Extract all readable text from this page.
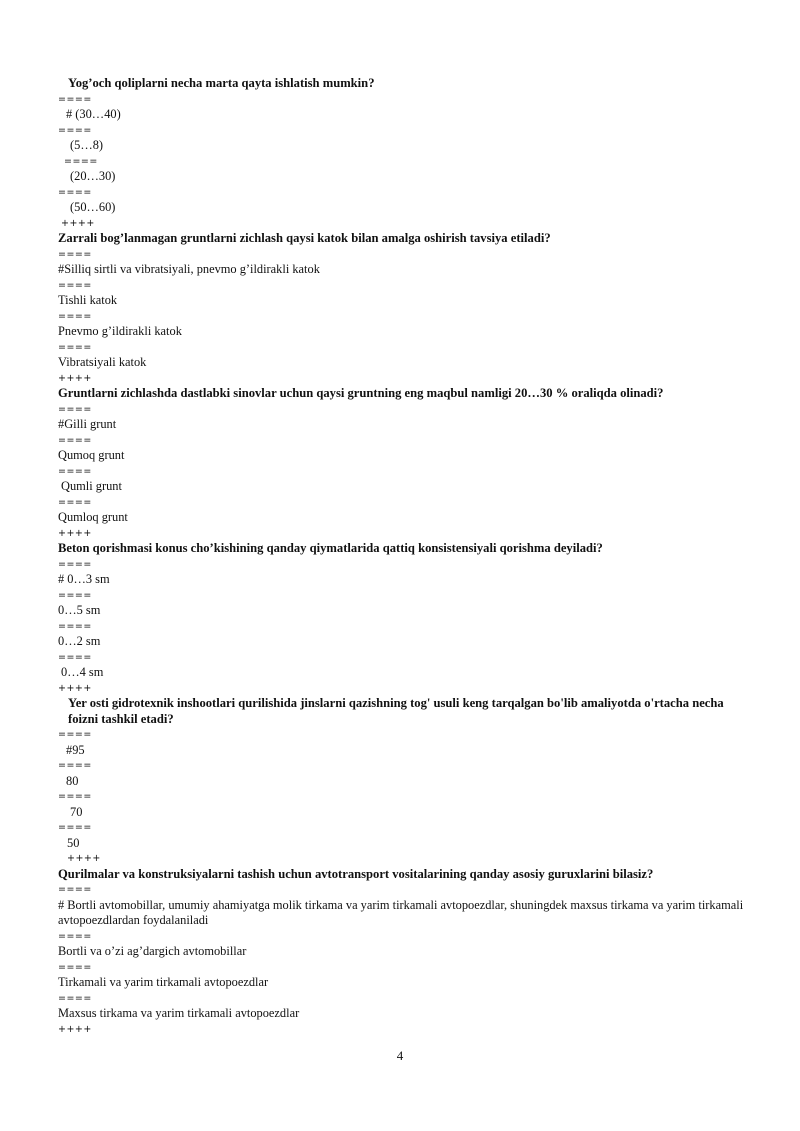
Yog’och qoliplarni necha marta qayta ishlatish mumkin?
====
# (30…40)
====
(5…8)
====
(20…30)
====
(50…60)
++++
Zarrali bog’lanmagan gruntlarni zichlash qaysi katok bilan amalga oshirish tavsiya etiladi?
====
#Silliq sirtli va vibratsiyali, pnevmo g’ildirakli katok
====
Tishli katok
====
Pnevmo g’ildirakli katok
====
Vibratsiyali katok
++++
Gruntlarni zichlashda dastlabki sinovlar uchun qaysi gruntning eng maqbul namligi 20…30 % oraliqda olinadi?
====
#Gilli grunt
====
Qumoq grunt
====
Qumli grunt
====
Qumloq grunt
++++
Beton qorishmasi konus cho’kishining qanday qiymatlarida qattiq konsistensiyali qorishma deyiladi?
====
# 0…3 sm
====
0…5 sm
====
0…2 sm
====
0…4 sm
++++
Yer osti gidrotexnik inshootlari qurilishida jinslarni qazishning tog' usuli keng tarqalgan bo'lib amaliyotda o'rtacha necha foizni tashkil etadi?
====
#95
====
80
====
70
====
50
++++
Qurilmalar va konstruksiyalarni tashish uchun avtotransport vositalarining qanday asosiy guruxlarini bilasiz?
====
# Bortli avtomobillar, umumiy ahamiyatga molik tirkama va yarim tirkamali avtopoezdlar, shuningdek maxsus tirkama va yarim tirkamali avtopoezdlardan foydalaniladi
====
Bortli va o’zi ag’dargich avtomobillar
====
Tirkamali va yarim tirkamali avtopoezdlar
====
Maxsus tirkama va yarim tirkamali avtopoezdlar
++++
4
